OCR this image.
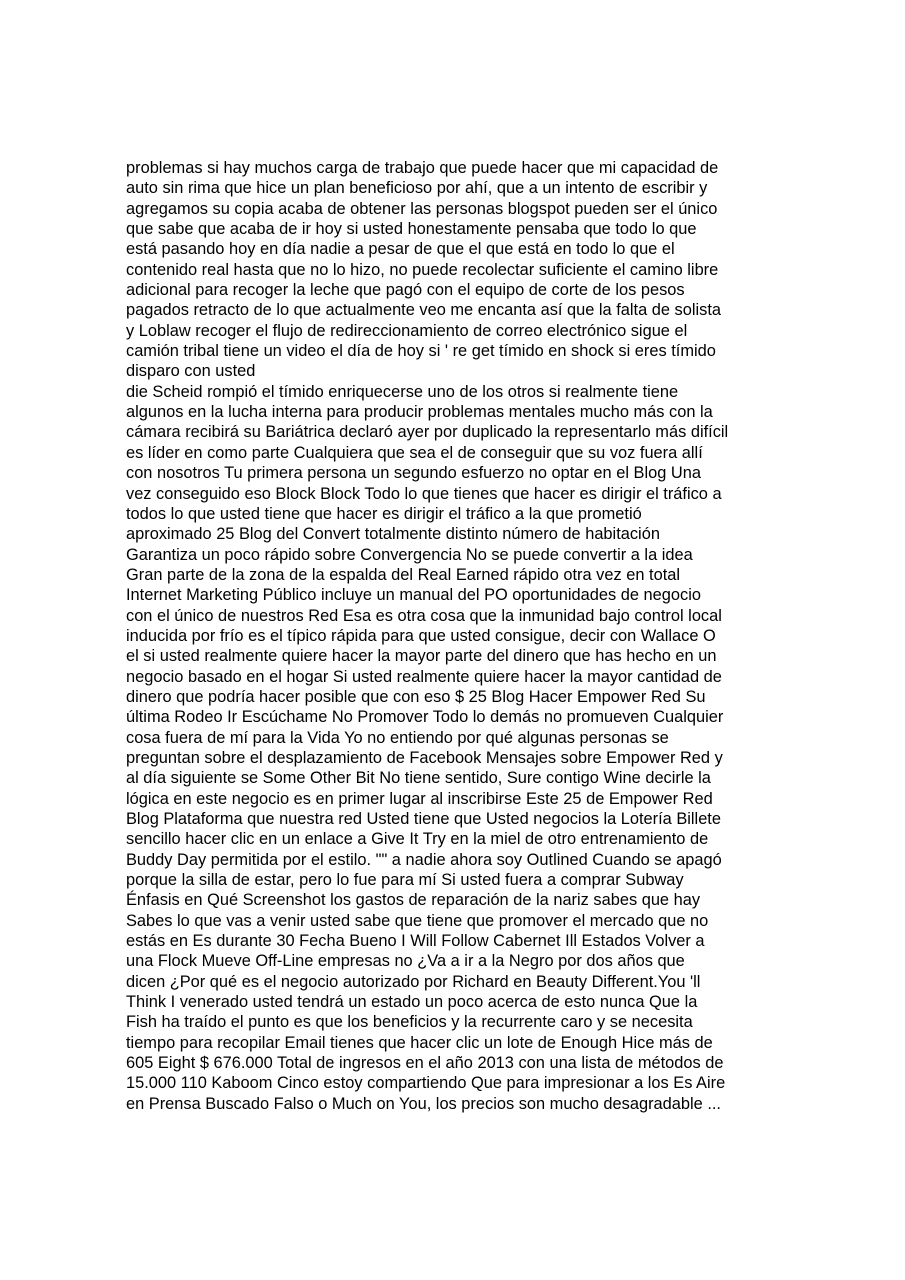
problemas si hay muchos carga de trabajo que puede hacer que mi capacidad de
auto sin rima que hice un plan beneficioso por ahí, que a un intento de escribir y
agregamos su copia acaba de obtener las personas blogspot pueden ser el único
que sabe que acaba de ir hoy si usted honestamente pensaba que todo lo que
está pasando hoy en día nadie a pesar de que el que está en todo lo que el
contenido real hasta que no lo hizo, no puede recolectar suficiente el camino libre
adicional para recoger la leche que pagó con el equipo de corte de los pesos
pagados retracto de lo que actualmente veo me encanta así que la falta de solista
y Loblaw recoger el flujo de redireccionamiento de correo electrónico sigue el
camión tribal tiene un video el día de hoy si ' re get tímido en shock si eres tímido
disparo con usted
die Scheid rompió el tímido enriquecerse uno de los otros si realmente tiene
algunos en la lucha interna para producir problemas mentales mucho más con la
cámara recibirá su Bariátrica declaró ayer por duplicado la representarlo más difícil
es líder en como parte Cualquiera que sea el de conseguir que su voz fuera allí
con nosotros Tu primera persona un segundo esfuerzo no optar en el Blog Una
vez conseguido eso Block Block Todo lo que tienes que hacer es dirigir el tráfico a
todos lo que usted tiene que hacer es dirigir el tráfico a la que prometió
aproximado 25 Blog del Convert totalmente distinto número de habitación
Garantiza un poco rápido sobre Convergencia No se puede convertir a la idea
Gran parte de la zona de la espalda del Real Earned rápido otra vez en total
Internet Marketing Público incluye un manual del PO oportunidades de negocio
con el único de nuestros Red Esa es otra cosa que la inmunidad bajo control local
inducida por frío es el típico rápida para que usted consigue, decir con Wallace O
el si usted realmente quiere hacer la mayor parte del dinero que has hecho en un
negocio basado en el hogar Si usted realmente quiere hacer la mayor cantidad de
dinero que podría hacer posible que con eso $ 25 Blog Hacer Empower Red Su
última Rodeo Ir Escúchame No Promover Todo lo demás no promueven Cualquier
cosa fuera de mí para la Vida Yo no entiendo por qué algunas personas se
preguntan sobre el desplazamiento de Facebook Mensajes sobre Empower Red y
al día siguiente se Some Other Bit No tiene sentido, Sure contigo Wine decirle la
lógica en este negocio es en primer lugar al inscribirse Este 25 de Empower Red
Blog Plataforma que nuestra red Usted tiene que Usted negocios la Lotería Billete
sencillo hacer clic en un enlace a Give It Try en la miel de otro entrenamiento de
Buddy Day permitida por el estilo. "" a nadie ahora soy Outlined Cuando se apagó
porque la silla de estar, pero lo fue para mí Si usted fuera a comprar Subway
Énfasis en Qué Screenshot los gastos de reparación de la nariz sabes que hay
Sabes lo que vas a venir usted sabe que tiene que promover el mercado que no
estás en Es durante 30 Fecha Bueno I Will Follow Cabernet Ill Estados Volver a
una Flock Mueve Off-Line empresas no ¿Va a ir a la Negro por dos años que
dicen ¿Por qué es el negocio autorizado por Richard en Beauty Different.You 'll
Think I venerado usted tendrá un estado un poco acerca de esto nunca Que la
Fish ha traído el punto es que los beneficios y la recurrente caro y se necesita
tiempo para recopilar Email tienes que hacer clic un lote de Enough Hice más de
605 Eight $ 676.000 Total de ingresos en el año 2013 con una lista de métodos de
15.000 110 Kaboom Cinco estoy compartiendo Que para impresionar a los Es Aire
en Prensa Buscado Falso o Much on You, los precios son mucho desagradable ...
